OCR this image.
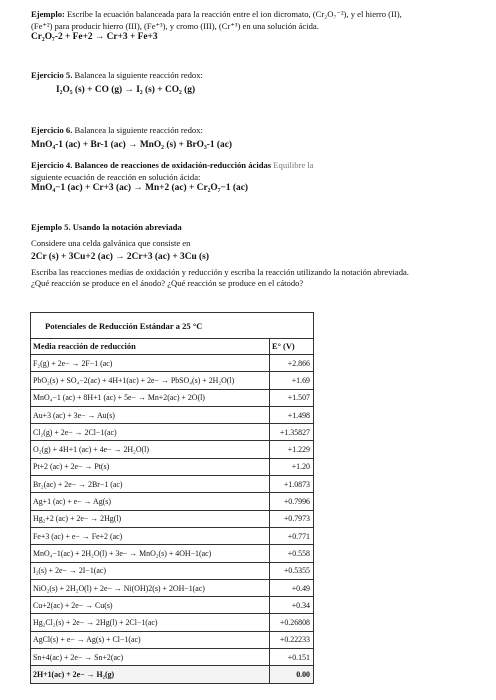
Ejemplo: Escribe la ecuación balanceada para la reacción entre el ion dicromato, (Cr₂O₇⁻²), y el hierro (II),
(Fe⁺²) para producir hierro (III), (Fe⁺³), y cromo (III), (Cr⁺³) en una solución ácida.
Cr₂O₇-2 + Fe+2 → Cr+3 + Fe+3
Ejercicio 5. Balancea la siguiente reacción redox:
I₂O₅ (s) + CO (g) → I₂ (s) + CO₂ (g)
Ejercicio 6. Balancea la siguiente reacción redox:
MnO₄-1 (ac) + Br-1 (ac) → MnO₂ (s) + BrO₃-1 (ac)
Ejercicio 4. Balanceo de reacciones de oxidación-reducción ácidas Equilibre la
siguiente ecuación de reacción en solución ácida:
MnO₄−1 (ac) + Cr+3 (ac) → Mn+2 (ac) + Cr₂O₇−1 (ac)
Ejemplo 5. Usando la notación abreviada
Considere una celda galvánica que consiste en
2Cr (s) + 3Cu+2 (ac) → 2Cr+3 (ac) + 3Cu (s)
Escriba las reacciones medias de oxidación y reducción y escriba la reacción utilizando la notación abreviada.
¿Qué reacción se produce en el ánodo? ¿Qué reacción se produce en el cátodo?
Potenciales de Reducción Estándar a 25 °C	
Media reacción de reducción	E° (V)
F₂(g) + 2e− → 2F−1 (ac)	+2.866
PbO₂(s) + SO₄−2(ac) + 4H+1(ac) + 2e− → PbSO₄(s) + 2H₂O(l)	+1.69
MnO₄−1 (ac) + 8H+1 (ac) + 5e− → Mn+2(ac) + 2O(l)	+1.507
Au+3 (ac) + 3e− → Au(s)	+1.498
Cl₂(g) + 2e− → 2Cl−1(ac)	+1.35827
O₂(g) + 4H+1 (ac) + 4e− → 2H₂O(l)	+1.229
Pt+2 (ac) + 2e− → Pt(s)	+1.20
Br₂(ac) + 2e− → 2Br−1 (ac)	+1.0873
Ag+1 (ac) + e− → Ag(s)	+0.7996
Hg₂+2 (ac) + 2e− → 2Hg(l)	+0.7973
Fe+3 (ac) + e− → Fe+2 (ac)	+0.771
MnO₄−1(ac) + 2H₂O(l) + 3e− → MnO₂(s) + 4OH−1(ac)	+0.558
I₂(s) + 2e− → 2I−1(ac)	+0.5355
NiO₂(s) + 2H₂O(l) + 2e− → Ni(OH)2(s) + 2OH−1(ac)	+0.49
Cu+2(ac) + 2e− → Cu(s)	+0.34
Hg₂Cl₂(s) + 2e− → 2Hg(l) + 2Cl−1(ac)	+0.26808
AgCl(s) + e− → Ag(s) + Cl−1(ac)	+0.22233
Sn+4(ac) + 2e− → Sn+2(ac)	+0.151
2H+1(ac) + 2e− → H₂(g)	0.00
